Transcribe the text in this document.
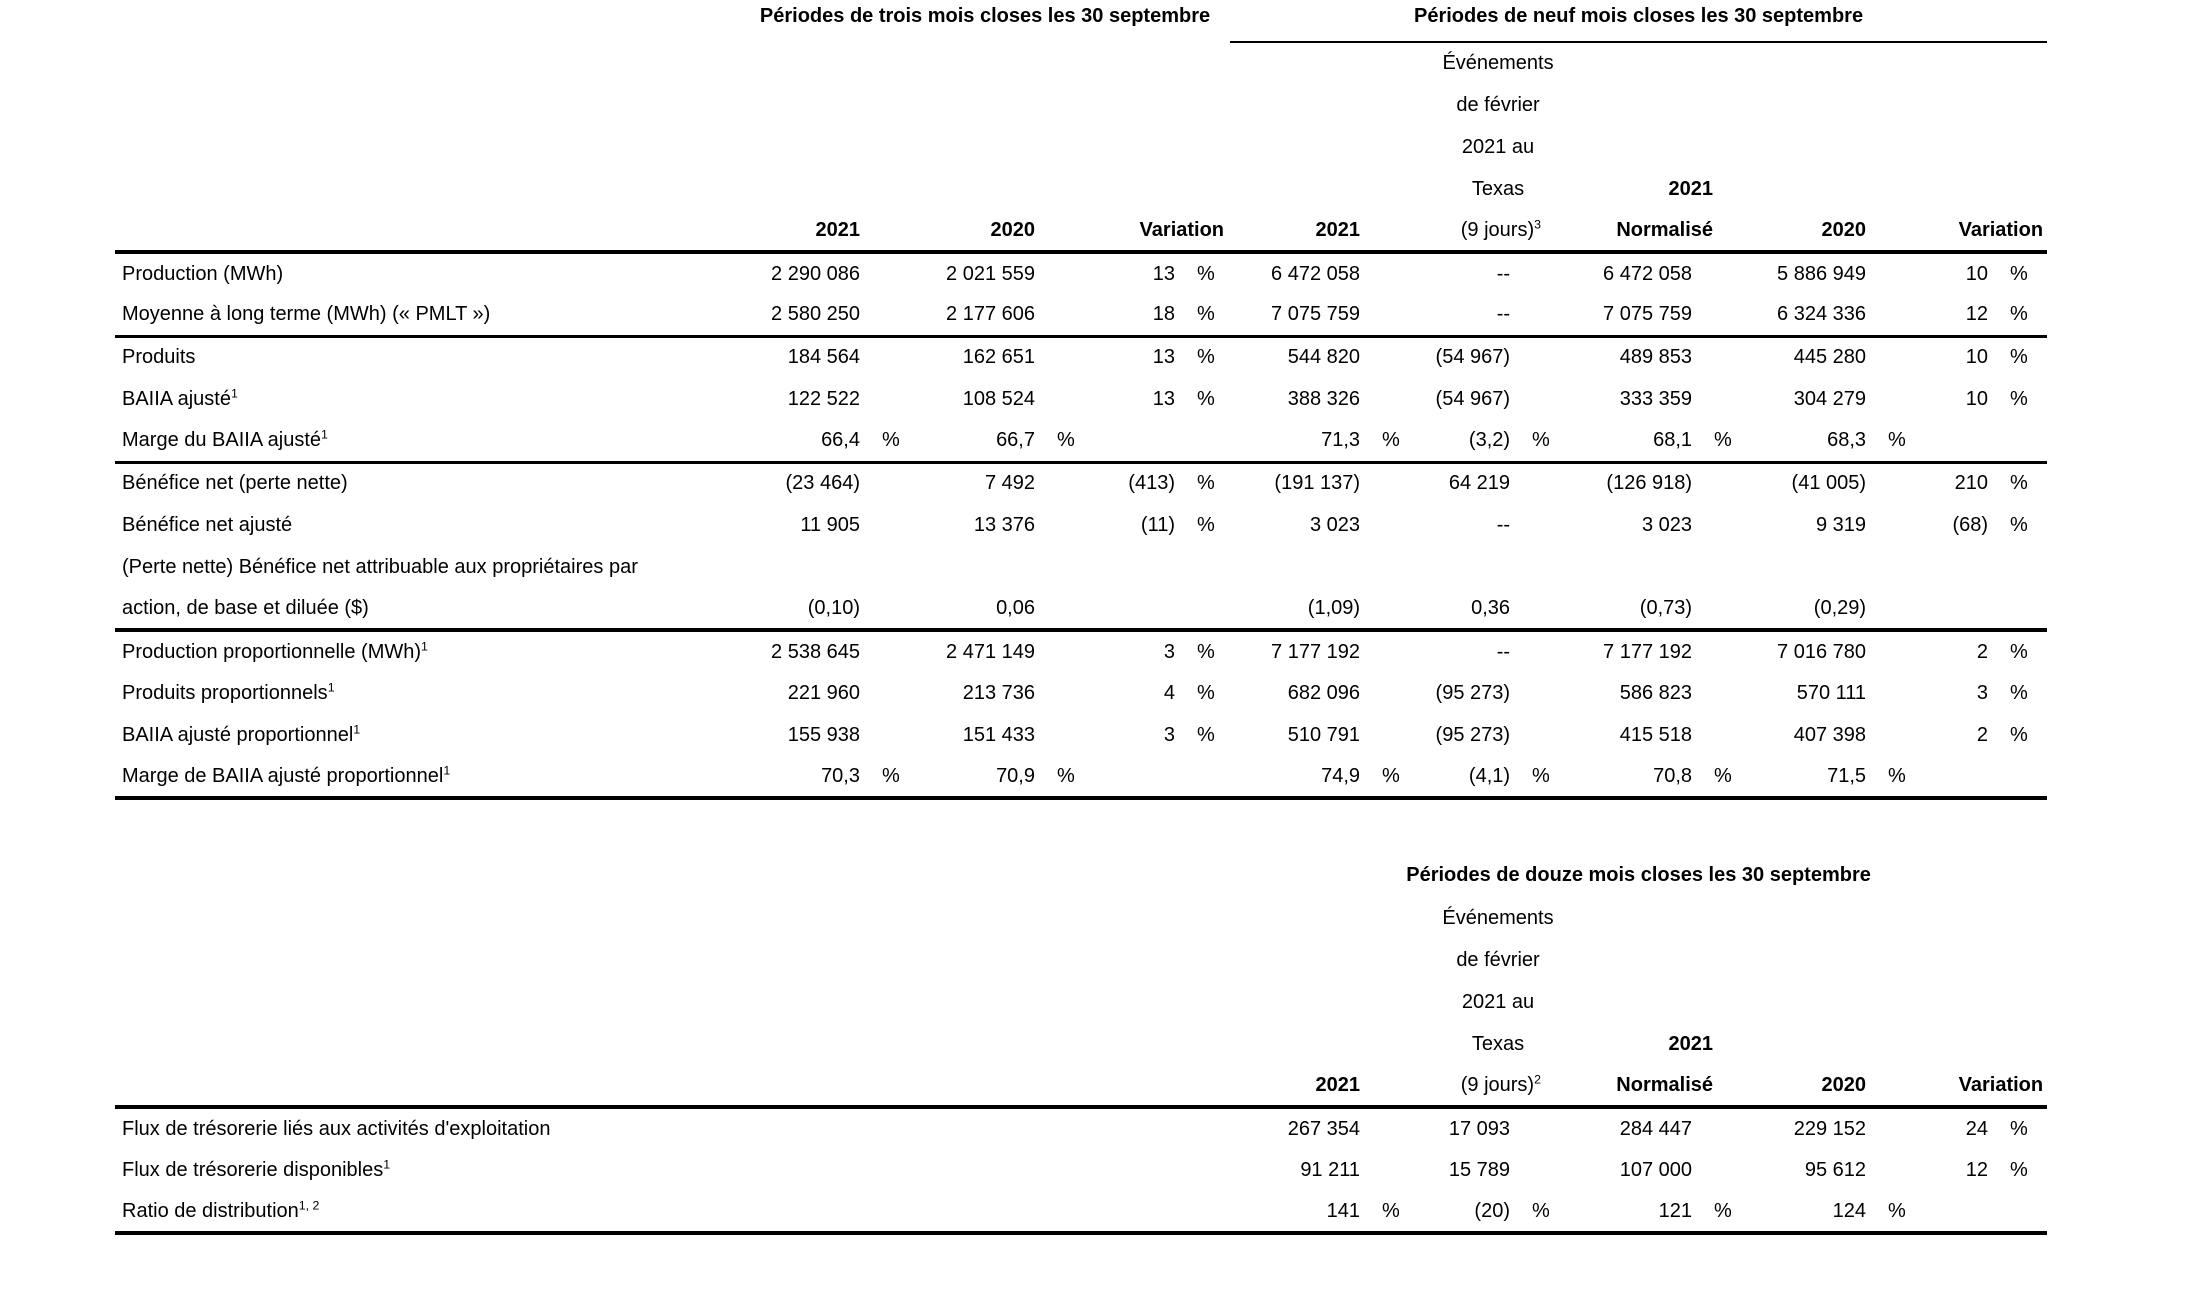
	Périodes de trois mois closes les 30 septembre						Périodes de neuf mois closes les 30 septembre									
									Événements							
									de février							
									2021 au							
									Texas		2021					
	2021		2020		Variation		2021		(9 jours)$^3$		Normalisé		2020		Variation	
Production (MWh)	2 290 086		2 021 559		13	%	6 472 058		--		6 472 058		5 886 949		10	%
Moyenne à long terme (MWh) (« PMLT »)	2 580 250		2 177 606		18	%	7 075 759		--		7 075 759		6 324 336		12	%
Produits	184 564		162 651		13	%	544 820		(54 967)		489 853		445 280		10	%
BAIIA ajusté$^1$	122 522		108 524		13	%	388 326		(54 967)		333 359		304 279		10	%
Marge du BAIIA ajusté$^1$	66,4	%	66,7	%			71,3	%	(3,2)	%	68,1	%	68,3	%		
Bénéfice net (perte nette)	(23 464)		7 492		(413)	%	(191 137)		64 219		(126 918)		(41 005)		210	%
Bénéfice net ajusté	11 905		13 376		(11)	%	3 023		--		3 023		9 319		(68)	%
(Perte nette) Bénéfice net attribuable aux propriétaires par																
action, de base et diluée ($)	(0,10)		0,06				(1,09)		0,36		(0,73)		(0,29)			
Production proportionnelle (MWh)$^1$	2 538 645		2 471 149		3	%	7 177 192		--		7 177 192		7 016 780		2	%
Produits proportionnels$^1$	221 960		213 736		4	%	682 096		(95 273)		586 823		570 111		3	%
BAIIA ajusté proportionnel$^1$	155 938		151 433		3	%	510 791		(95 273)		415 518		407 398		2	%
Marge de BAIIA ajusté proportionnel$^1$	70,3	%	70,9	%			74,9	%	(4,1)	%	70,8	%	71,5	%		
							Périodes de douze mois closes les 30 septembre									
									Événements							
									de février							
									2021 au							
									Texas		2021					
							2021		(9 jours)$^2$		Normalisé		2020		Variation	
Flux de trésorerie liés aux activités d'exploitation							267 354		17 093		284 447		229 152		24	%
Flux de trésorerie disponibles$^1$							91 211		15 789		107 000		95 612		12	%
Ratio de distribution$^{1, 2}$							141	%	(20)	%	121	%	124	%		
